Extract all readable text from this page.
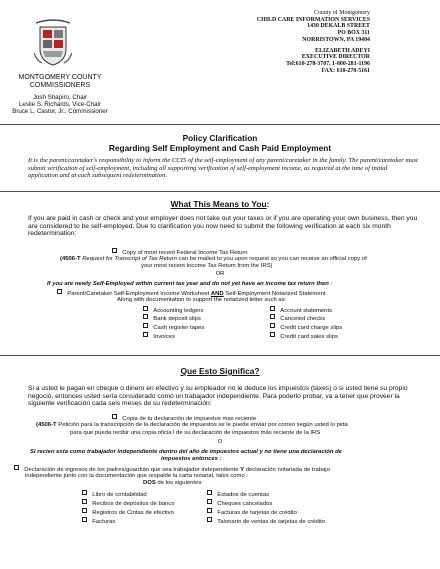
MONTGOMERY COUNTY
COMMISSIONERS
Josh Shapiro, Chair
Leslie S. Richards, Vice-Chair
Bruce L. Castor, Jr., Commissioner
County of Montgomery
CHILD CARE INFORMATION SERVICES
1430 DEKALB STREET
PO BOX 311
NORRISTOWN, PA 19404
ELIZABETH ADEYI
EXECUTIVE DIRECTOR
Tel:610-278-3707, 1-800-281-1196
FAX: 610-278-5161
Policy Clarification
Regarding Self Employment and Cash Paid Employment
It is the parent/caretaker's responsibility to inform the CCIS of the self-employment of any parent/caretaker in the family. The parent/caretaker must submit verification of self-employment, including all supporting verification of self-employment income, as required at the time of initial application and at each subsequent redetermination.
What This Means to You:
If you are paid in cash or check and your employer does not take out your taxes or if you are operating your own business, then you are considered to be self-employed. Due to clarification you now need to submit the following verification at each six month redetermination:
Copy of most recent Federal Income Tax Return
(4506-T Request for Transcript of Tax Return can be mailed to you upon request so you can receive an official copy of
your most recent Income Tax Return from the IRS)
OR
If you are newly Self-Employed within current tax year and do not yet have an income tax return then :
Parent/Caretaker Self-Employment Income Worksheet AND Self-Employment Notarized Statement
Along with documentation to support the notarized letter such as:
Accounting ledgers
Bank deposit slips
Cash register tapes
Invoices
Account statements
Canceled checks
Credit card charge slips
Credit card sales slips
Que Esto Significa?
Si a usted le pagan en cheque o dinero en efectivo y su empleador no le deduce los impuestos (taxes) o si usted tiene su propio negocio, entonces usted sería considerado como un trabajador independiente. Para poderlo probar, va a tener que proveer la siguiente verificación cada seis meses de su redeterminación:
Copia de tu declaración de impuestos mas reciente
(4506-T Petición para la transcripción de la declaración de impuestos se le puede enviar por correo según usted lo pida
para que pueda recibir una copia oficia l de su declaración de impuestos más reciente de la IRS
O
Si recien esta como trabajador independiente dentro del año de impuestos actual y no tiene una declaración de
impuestos entonces :
Declaración de ingresos de los padres/guardián que sea trabajador independiente Y declaración notariada de trabajo
independiente junto con la documentación que respalde la carta notarial, tales como :
DOS de los siguientes:
Libro de contabilidad
Recibos de depósitos de banco
Registros de Cintas de efectivo
Facturas
Estados de cuentas
Cheques cancelados
Facturas de tarjetas de crédito
Talonario de ventas de tarjetas de crédito
